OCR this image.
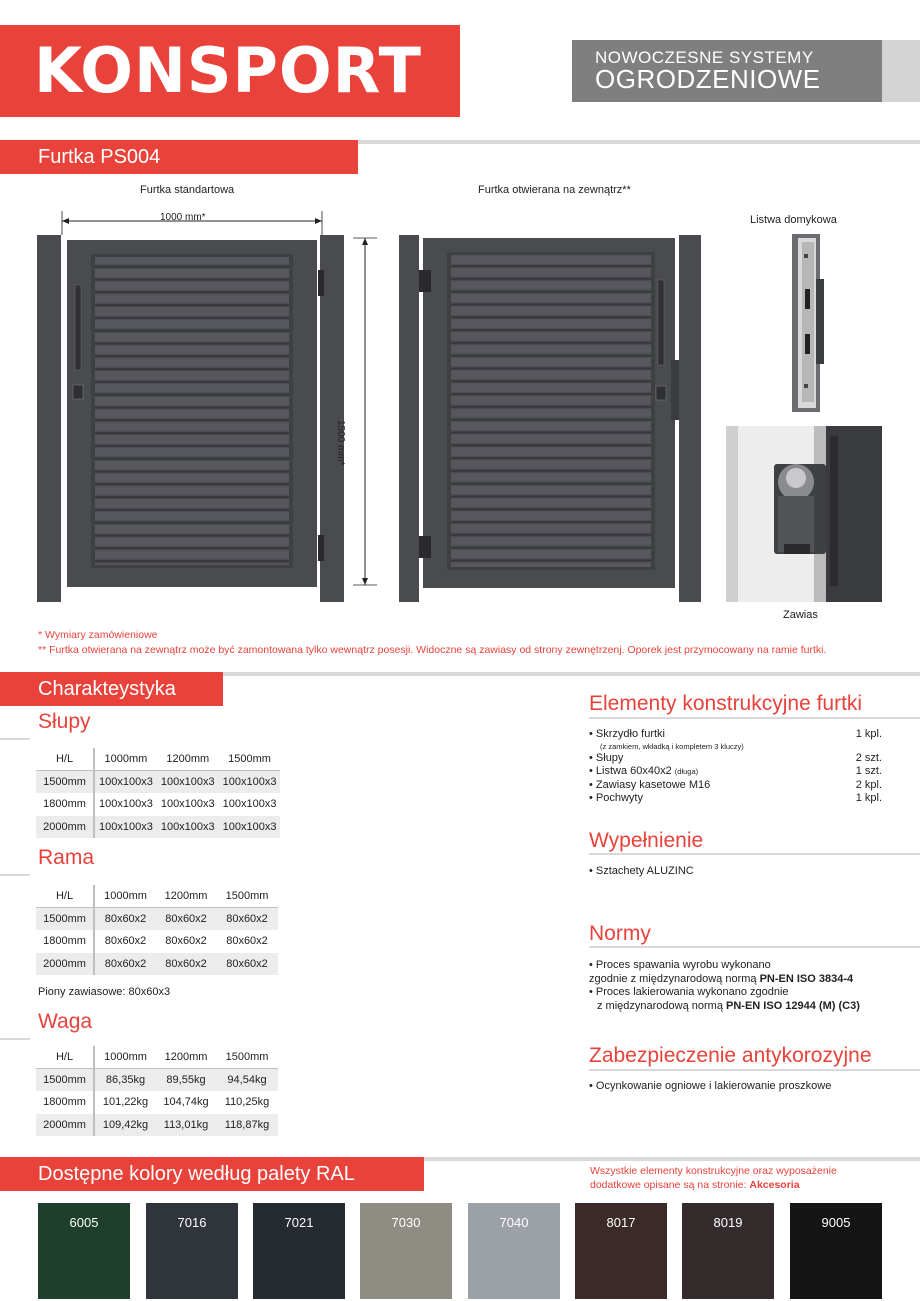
KONSPORT	NOWOCZESNE SYSTEMY
OGRODZENIOWE
Furtka PS004
Furtka standartowa	Furtka otwierana na zewnątrz**
1000 mm*
1500 mm*
Listwa domykowa
Zawias
* Wymiary zamówieniowe
** Furtka otwierana na zewnątrz może być zamontowana tylko wewnątrz posesji. Widoczne są zawiasy od strony zewnętrzenj. Oporek jest przymocowany na ramie furtki.
Charakteystyka
Słupy
H/L	1000mm	1200mm	1500mm
1500mm	100x100x3	100x100x3	100x100x3
1800mm	100x100x3	100x100x3	100x100x3
2000mm	100x100x3	100x100x3	100x100x3
Rama
H/L	1000mm	1200mm	1500mm
1500mm	80x60x2	80x60x2	80x60x2
1800mm	80x60x2	80x60x2	80x60x2
2000mm	80x60x2	80x60x2	80x60x2
Piony zawiasowe: 80x60x3
Waga
H/L	1000mm	1200mm	1500mm
1500mm	86,35kg	89,55kg	94,54kg
1800mm	101,22kg	104,74kg	110,25kg
2000mm	109,42kg	113,01kg	118,87kg
Elementy konstrukcyjne furtki
• Skrzydło furtki	1 kpl.
(z zamkiem, wkładką i kompletem 3 kluczy)
• Słupy	2 szt.
• Listwa 60x40x2 (długa)	1 szt.
• Zawiasy kasetowe M16	2 kpl.
• Pochwyty	1 kpl.
Wypełnienie
• Sztachety ALUZINC
Normy
• Proces spawania wyrobu wykonano
zgodnie z międzynarodową normą PN-EN ISO 3834-4
• Proces lakierowania wykonano zgodnie
z międzynarodową normą PN-EN ISO 12944 (M) (C3)
Zabezpieczenie antykorozyjne
• Ocynkowanie ogniowe i lakierowanie proszkowe
Dostępne kolory według palety RAL	Wszystkie elementy konstrukcyjne oraz wyposażenie
dodatkowe opisane są na stronie: Akcesoria
6005	7016	7021	7030	7040	8017	8019	9005
